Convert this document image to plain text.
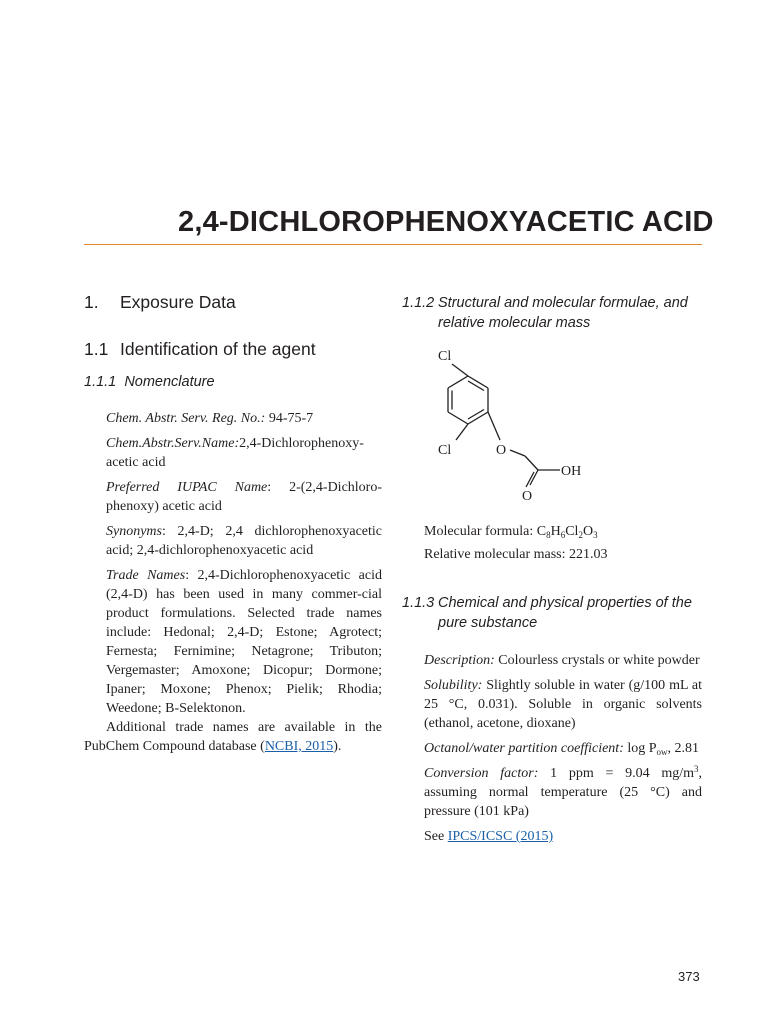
2,4-DICHLOROPHENOXYACETIC ACID
1. Exposure Data
1.1 Identification of the agent
1.1.1 Nomenclature
Chem. Abstr. Serv. Reg. No.: 94-75-7
Chem.Abstr.Serv.Name:2,4-Dichlorophenoxy-acetic acid
Preferred IUPAC Name: 2-(2,4-Dichloro-phenoxy) acetic acid
Synonyms: 2,4-D; 2,4 dichlorophenoxyacetic acid; 2,4-dichlorophenoxyacetic acid
Trade Names: 2,4-Dichlorophenoxyacetic acid (2,4-D) has been used in many commer-cial product formulations. Selected trade names include: Hedonal; 2,4-D; Estone; Agrotect; Fernesta; Fernimine; Netagrone; Tributon; Vergemaster; Amoxone; Dicopur; Dormone; Ipaner; Moxone; Phenox; Pielik; Rhodia; Weedone; B-Selektonon.
Additional trade names are available in the PubChem Compound database (NCBI, 2015).
1.1.2 Structural and molecular formulae, and
relative molecular mass
Cl
Cl	O
OH
O
Molecular formula: $C_8H_6Cl_2O_3$
Relative molecular mass: 221.03
1.1.3 Chemical and physical properties of the
pure substance
Description: Colourless crystals or white powder
Solubility: Slightly soluble in water (g/100 mL at 25 °C, 0.031). Soluble in organic solvents (ethanol, acetone, dioxane)
Octanol/water partition coefficient: $\log P_{ow}$, 2.81
Conversion factor: 1 ppm = 9.04 $mg/m^3$, assuming normal temperature (25 °C) and pressure (101 kPa)
See IPCS/ICSC (2015)
373
